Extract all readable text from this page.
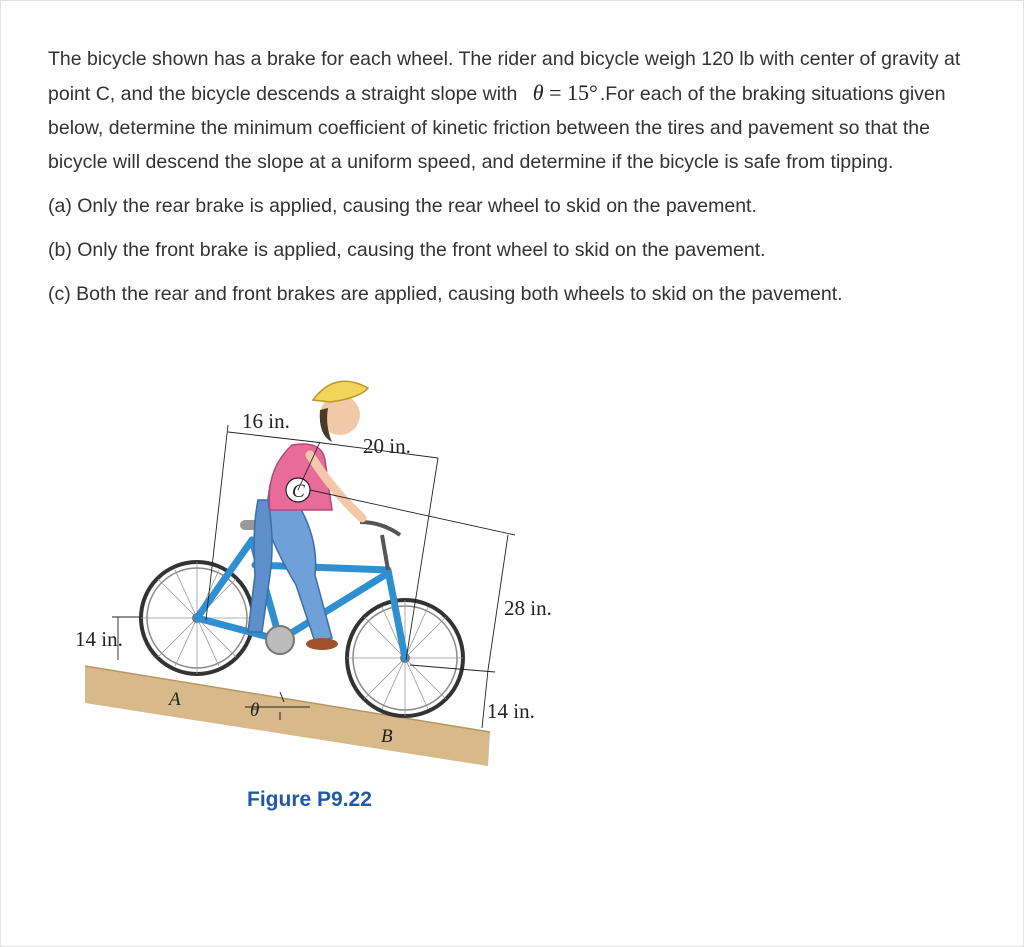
The bicycle shown has a brake for each wheel. The rider and bicycle weigh 120 lb with center of gravity at point C, and the bicycle descends a straight slope with θ = 15° .For each of the braking situations given below, determine the minimum coefficient of kinetic friction between the tires and pavement so that the bicycle will descend the slope at a uniform speed, and determine if the bicycle is safe from tipping.

(a) Only the rear brake is applied, causing the rear wheel to skid on the pavement.

(b) Only the front brake is applied, causing the front wheel to skid on the pavement.

(c) Both the rear and front brakes are applied, causing both wheels to skid on the pavement.

C
16 in.
20 in.
28 in.
14 in.
14 in.
A
B
θ
Figure P9.22
